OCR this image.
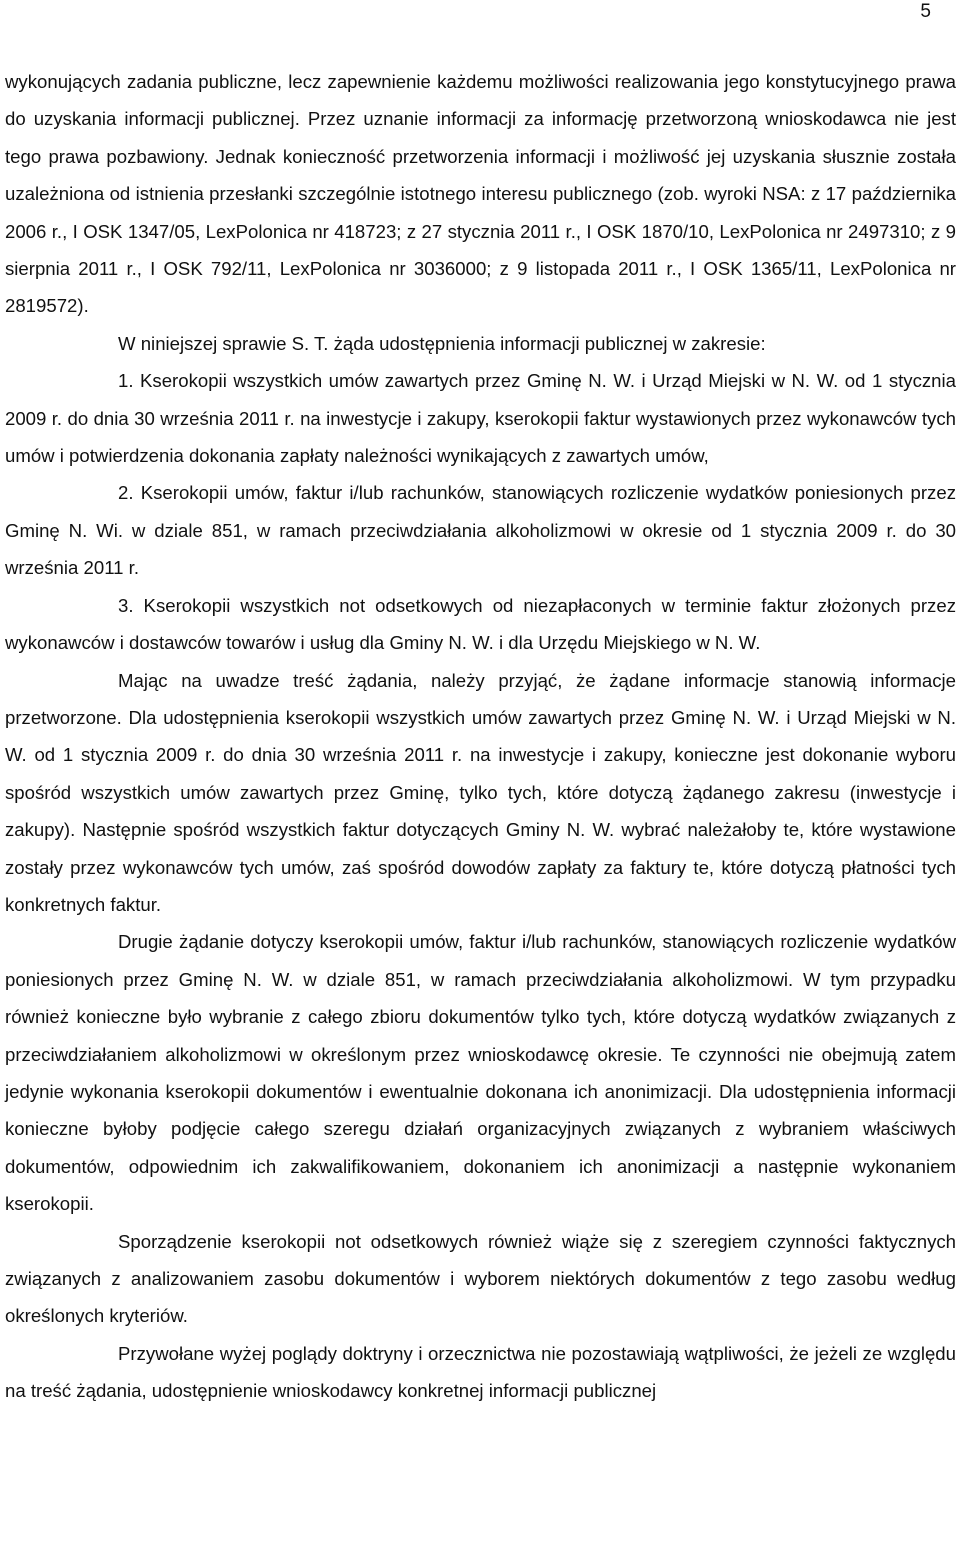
5

wykonujących zadania publiczne, lecz zapewnienie każdemu możliwości realizowania jego konstytucyjnego prawa do uzyskania informacji publicznej. Przez uznanie informacji za informację przetworzoną wnioskodawca nie jest tego prawa pozbawiony. Jednak konieczność przetworzenia informacji i możliwość jej uzyskania słusznie została uzależniona od istnienia przesłanki szczególnie istotnego interesu publicznego (zob. wyroki NSA: z 17 października 2006 r., I OSK 1347/05, LexPolonica nr 418723; z 27 stycznia 2011 r., I OSK 1870/10, LexPolonica nr 2497310; z 9 sierpnia 2011 r., I OSK 792/11, LexPolonica nr 3036000; z 9 listopada 2011 r., I OSK 1365/11, LexPolonica nr 2819572).

W niniejszej sprawie S. T. żąda udostępnienia informacji publicznej w zakresie:

1. Kserokopii wszystkich umów zawartych przez Gminę N. W. i Urząd Miejski w N. W. od 1 stycznia 2009 r. do dnia 30 września 2011 r. na inwestycje i zakupy, kserokopii faktur wystawionych przez wykonawców tych umów i potwierdzenia dokonania zapłaty należności wynikających z zawartych umów,

2. Kserokopii umów, faktur i/lub rachunków, stanowiących rozliczenie wydatków poniesionych przez Gminę N. Wi. w dziale 851, w ramach przeciwdziałania alkoholizmowi w okresie od 1 stycznia 2009 r. do 30 września 2011 r.

3. Kserokopii wszystkich not odsetkowych od niezapłaconych w terminie faktur złożonych przez wykonawców i dostawców towarów i usług dla Gminy N. W. i dla Urzędu Miejskiego w N. W.

Mając na uwadze treść żądania, należy przyjąć, że żądane informacje stanowią informacje przetworzone. Dla udostępnienia kserokopii wszystkich umów zawartych przez Gminę N. W. i Urząd Miejski w N. W. od 1 stycznia 2009 r. do dnia 30 września 2011 r. na inwestycje i zakupy, konieczne jest dokonanie wyboru spośród wszystkich umów zawartych przez Gminę, tylko tych, które dotyczą żądanego zakresu (inwestycje i zakupy). Następnie spośród wszystkich faktur dotyczących Gminy N. W. wybrać należałoby te, które wystawione zostały przez wykonawców tych umów, zaś spośród dowodów zapłaty za faktury te, które dotyczą płatności tych konkretnych faktur.

Drugie żądanie dotyczy kserokopii umów, faktur i/lub rachunków, stanowiących rozliczenie wydatków poniesionych przez Gminę N. W. w dziale 851, w ramach przeciwdziałania alkoholizmowi. W tym przypadku również konieczne było wybranie z całego zbioru dokumentów tylko tych, które dotyczą wydatków związanych z przeciwdziałaniem alkoholizmowi w określonym przez wnioskodawcę okresie. Te czynności nie obejmują zatem jedynie wykonania kserokopii dokumentów i ewentualnie dokonana ich anonimizacji. Dla udostępnienia informacji konieczne byłoby podjęcie całego szeregu działań organizacyjnych związanych z wybraniem właściwych dokumentów, odpowiednim ich zakwalifikowaniem, dokonaniem ich anonimizacji a następnie wykonaniem kserokopii.

Sporządzenie kserokopii not odsetkowych również wiąże się z szeregiem czynności faktycznych związanych z analizowaniem zasobu dokumentów i wyborem niektórych dokumentów z tego zasobu według określonych kryteriów.

Przywołane wyżej poglądy doktryny i orzecznictwa nie pozostawiają wątpliwości, że jeżeli ze względu na treść żądania, udostępnienie wnioskodawcy konkretnej informacji publicznej
